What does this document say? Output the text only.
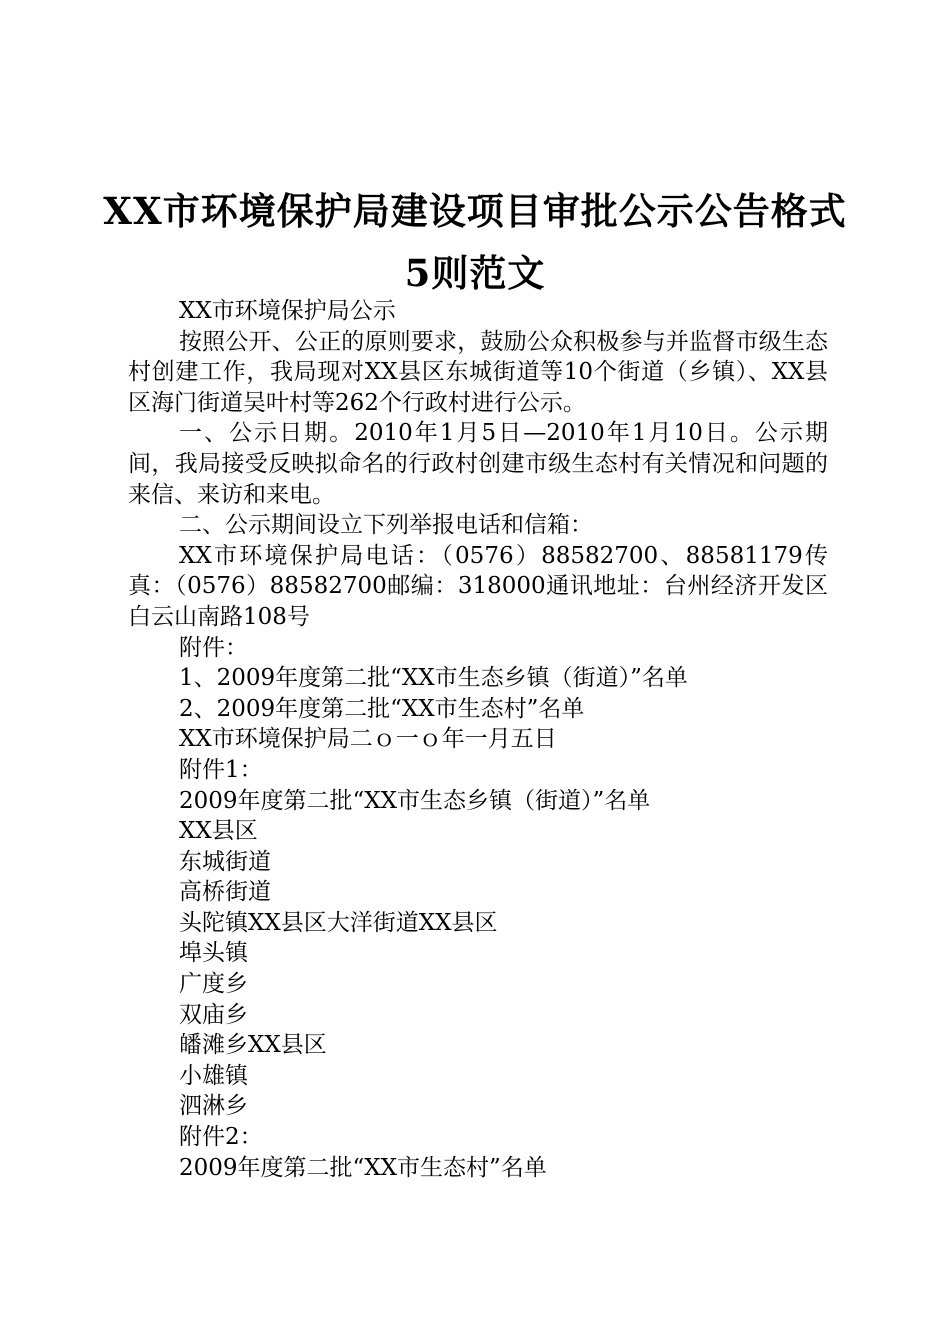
XX市环境保护局建设项目审批公示公告格式5则范文

XX市环境保护局公示

按照公开、公正的原则要求，鼓励公众积极参与并监督市级生态村创建工作，我局现对XX县区东城街道等10个街道（乡镇）、XX县区海门街道吴叶村等262个行政村进行公示。

一、公示日期。2010年1月5日—2010年1月10日。公示期间，我局接受反映拟命名的行政村创建市级生态村有关情况和问题的来信、来访和来电。

二、公示期间设立下列举报电话和信箱：

XX市环境保护局电话：（0576）88582700、88581179传真：（0576）88582700邮编：318000通讯地址：台州经济开发区白云山南路108号

附件：

1、2009年度第二批“XX市生态乡镇（街道）”名单

2、2009年度第二批“XX市生态村”名单

XX市环境保护局二ｏ一ｏ年一月五日

附件1：

2009年度第二批“XX市生态乡镇（街道）”名单

XX县区

东城街道

高桥街道

头陀镇XX县区大洋街道XX县区

埠头镇

广度乡

双庙乡

皤滩乡XX县区

小雄镇

泗淋乡

附件2：

2009年度第二批“XX市生态村”名单
